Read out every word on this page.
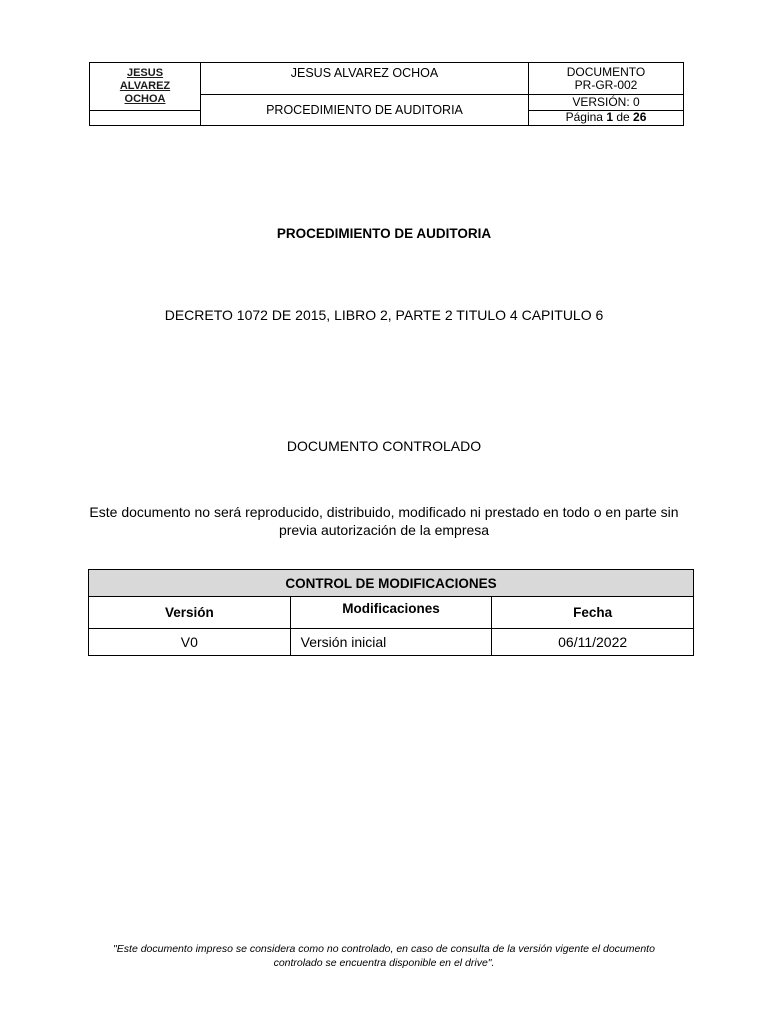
JESUS
ALVAREZ
OCHOA	JESUS ALVAREZ OCHOA	DOCUMENTO
PR-GR-002
	PROCEDIMIENTO DE AUDITORIA	VERSIÓN: 0
		Página 1 de 26
PROCEDIMIENTO DE AUDITORIA
DECRETO 1072 DE 2015, LIBRO 2, PARTE 2 TITULO 4 CAPITULO 6
DOCUMENTO CONTROLADO
Este documento no será reproducido, distribuido, modificado ni prestado en todo o en parte sin
previa autorización de la empresa
CONTROL DE MODIFICACIONES		
Versión	Modificaciones	Fecha
V0	Versión inicial	06/11/2022
"Este documento impreso se considera como no controlado, en caso de consulta de la versión vigente el documento
controlado se encuentra disponible en el drive".
